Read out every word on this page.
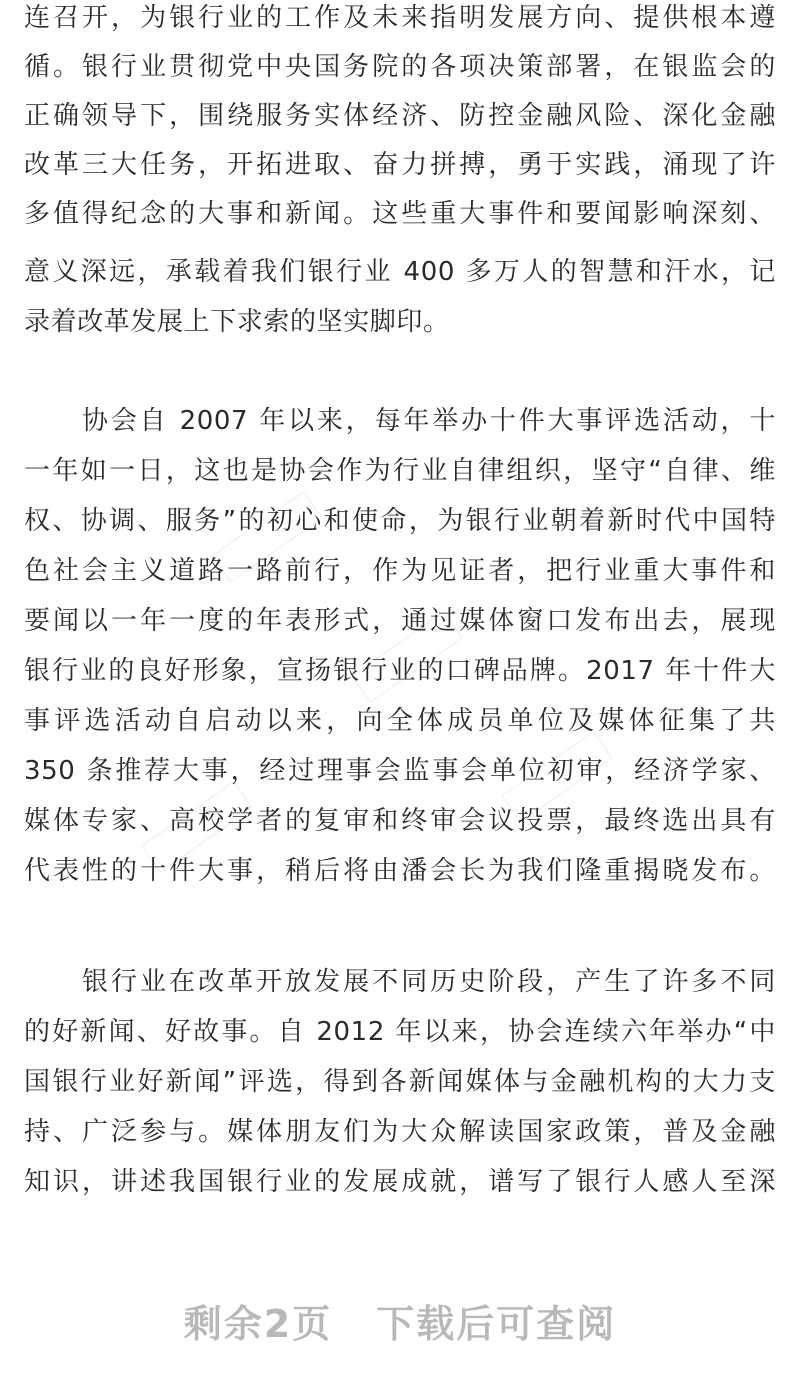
连召开，为银行业的工作及未来指明发展方向、提供根本遵
循。银行业贯彻党中央国务院的各项决策部署，在银监会的
正确领导下，围绕服务实体经济、防控金融风险、深化金融
改革三大任务，开拓进取、奋力拼搏，勇于实践，涌现了许
多值得纪念的大事和新闻。这些重大事件和要闻影响深刻、
意义深远，承载着我们银行业 400 多万人的智慧和汗水，记
录着改革发展上下求索的坚实脚印。
协会自 2007 年以来，每年举办十件大事评选活动，十
一年如一日，这也是协会作为行业自律组织，坚守“自律、维
权、协调、服务”的初心和使命，为银行业朝着新时代中国特
色社会主义道路一路前行，作为见证者，把行业重大事件和
要闻以一年一度的年表形式，通过媒体窗口发布出去，展现
银行业的良好形象，宣扬银行业的口碑品牌。2017 年十件大
事评选活动自启动以来，向全体成员单位及媒体征集了共
350 条推荐大事，经过理事会监事会单位初审，经济学家、
媒体专家、高校学者的复审和终审会议投票，最终选出具有
代表性的十件大事，稍后将由潘会长为我们隆重揭晓发布。
银行业在改革开放发展不同历史阶段，产生了许多不同
的好新闻、好故事。自 2012 年以来，协会连续六年举办“中
国银行业好新闻”评选，得到各新闻媒体与金融机构的大力支
持、广泛参与。媒体朋友们为大众解读国家政策，普及金融
知识，讲述我国银行业的发展成就，谱写了银行人感人至深
剩余2页 下载后可查阅
